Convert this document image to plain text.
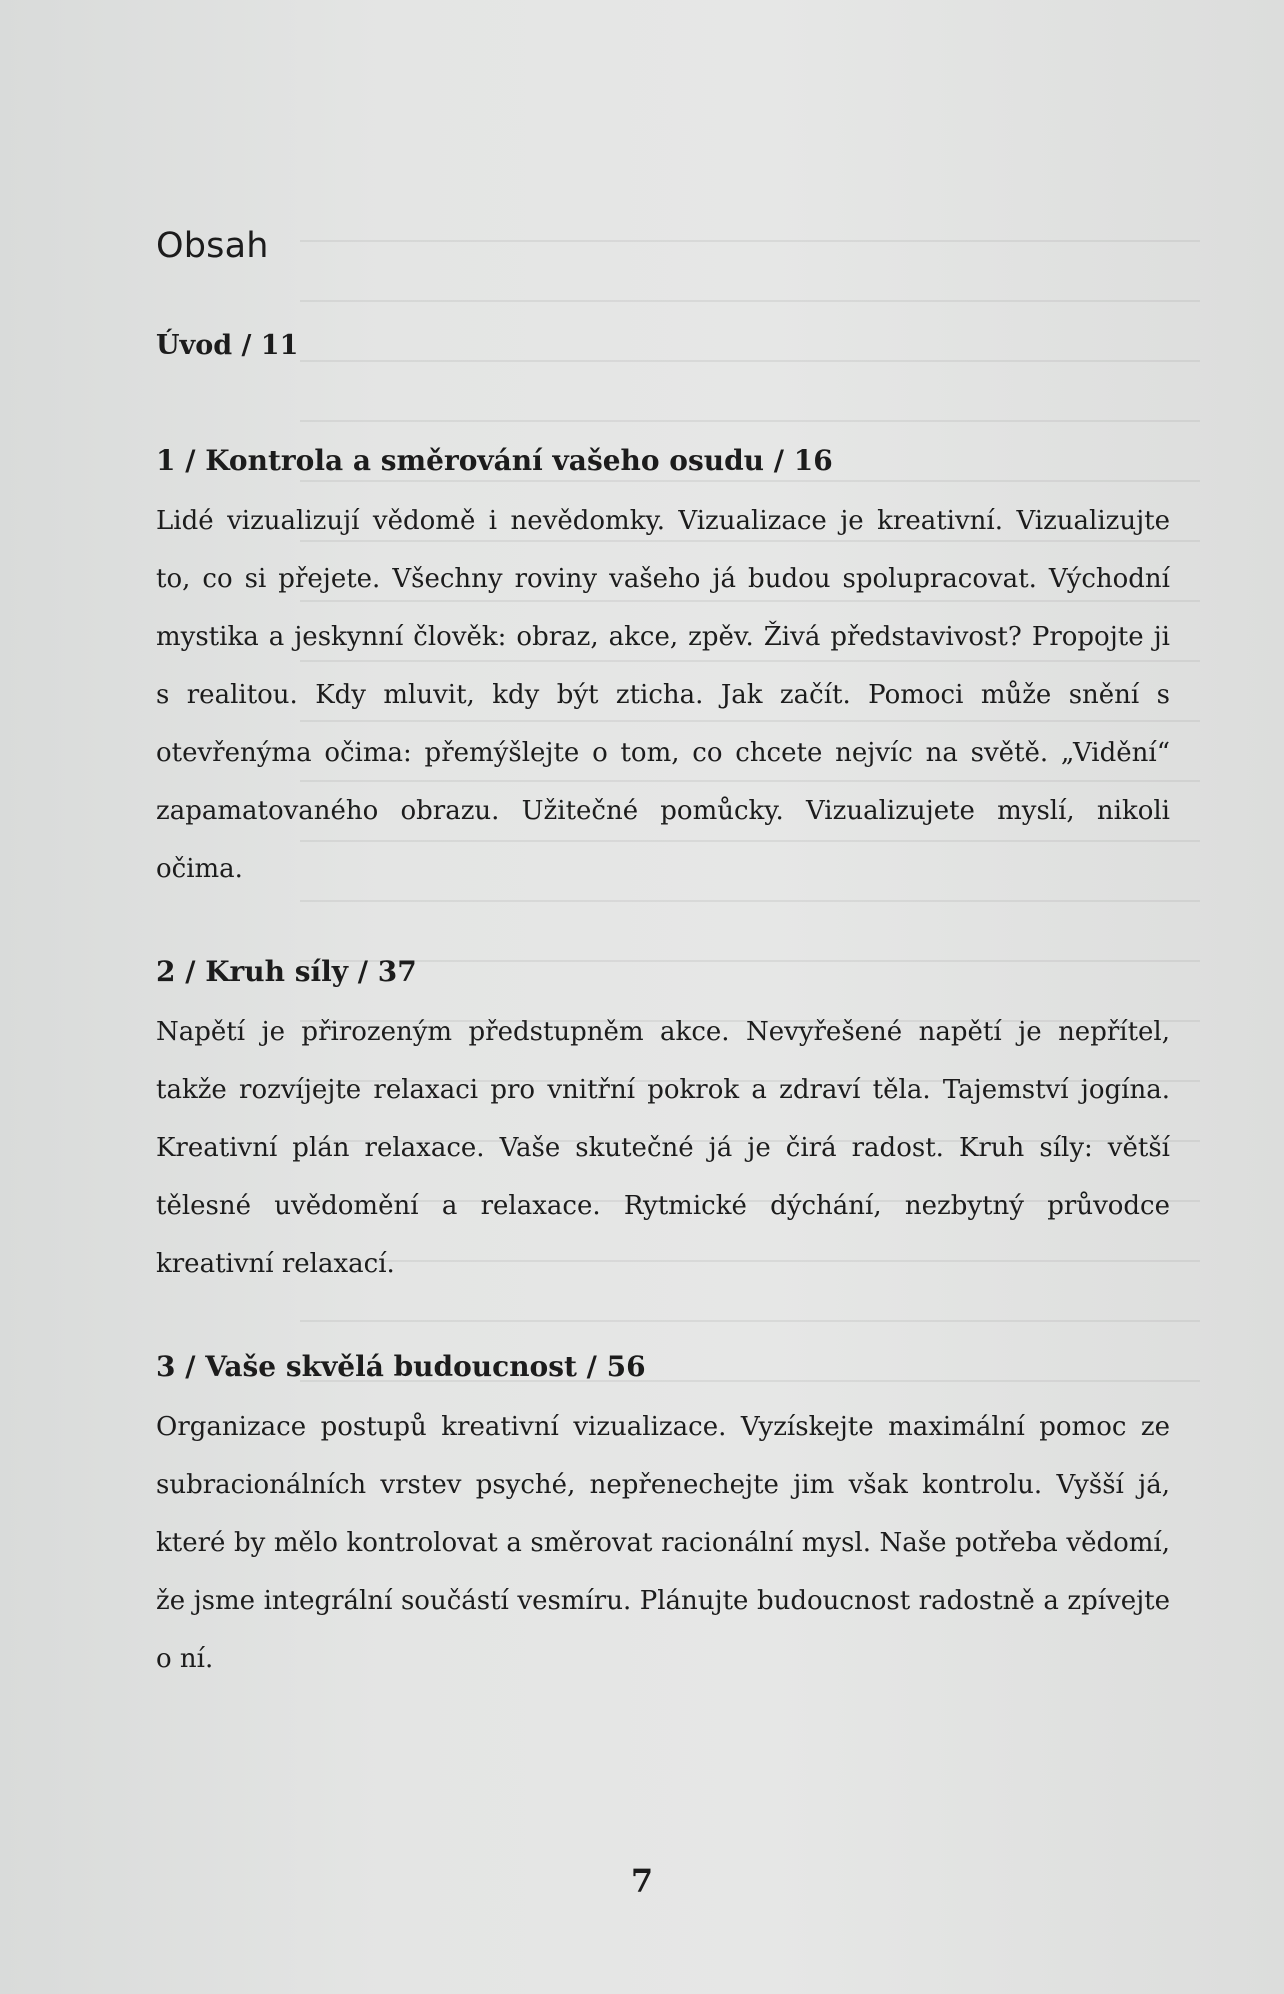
Obsah
Úvod / 11
1 / Kontrola a směrování vašeho osudu / 16

Lidé vizualizují vědomě i nevědomky. Vizualizace je kreativní. Vizualizujte to, co si přejete. Všechny roviny vašeho já budou spolupracovat. Východní mystika a jeskynní člověk: obraz, akce, zpěv. Živá představivost? Propojte ji s realitou. Kdy mluvit, kdy být zticha. Jak začít. Pomoci může snění s otevřenýma očima: přemýšlejte o tom, co chcete nejvíc na světě. „Vidění“ zapamatovaného obrazu. Užitečné pomůcky. Vizualizujete myslí, nikoli očima.

2 / Kruh síly / 37

Napětí je přirozeným předstupněm akce. Nevyřešené napětí je nepřítel, takže rozvíjejte relaxaci pro vnitřní pokrok a zdraví těla. Tajemství jogína. Kreativní plán relaxace. Vaše skutečné já je čirá radost. Kruh síly: větší tělesné uvědomění a relaxace. Rytmické dýchání, nezbytný průvodce kreativní relaxací.

3 / Vaše skvělá budoucnost / 56

Organizace postupů kreativní vizualizace. Vyzískejte maximální pomoc ze subracionálních vrstev psyché, nepřenechejte jim však kontrolu. Vyšší já, které by mělo kontrolovat a směrovat racionální mysl. Naše potřeba vědomí, že jsme integrální součástí vesmíru. Plánujte budoucnost radostně a zpívejte o ní.

7
